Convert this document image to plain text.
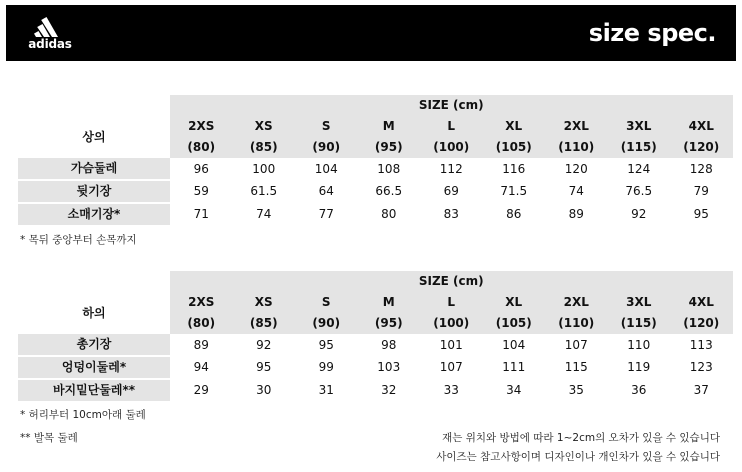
adidas	size spec.
	SIZE (cm)								
상의	2XS	XS	S	M	L	XL	2XL	3XL	4XL
	(80)	(85)	(90)	(95)	(100)	(105)	(110)	(115)	(120)
가슴둘레	96	100	104	108	112	116	120	124	128
뒷기장	59	61.5	64	66.5	69	71.5	74	76.5	79
소매기장*	71	74	77	80	83	86	89	92	95
* 목뒤 중앙부터 손목까지
	SIZE (cm)								
하의	2XS	XS	S	M	L	XL	2XL	3XL	4XL
	(80)	(85)	(90)	(95)	(100)	(105)	(110)	(115)	(120)
총기장	89	92	95	98	101	104	107	110	113
엉덩이둘레*	94	95	99	103	107	111	115	119	123
바지밑단둘레**	29	30	31	32	33	34	35	36	37
* 허리부터 10cm아래 둘레
** 발목 둘레	재는 위치와 방법에 따라 1~2cm의 오차가 있을 수 있습니다
사이즈는 참고사항이며 디자인이나 개인차가 있을 수 있습니다
